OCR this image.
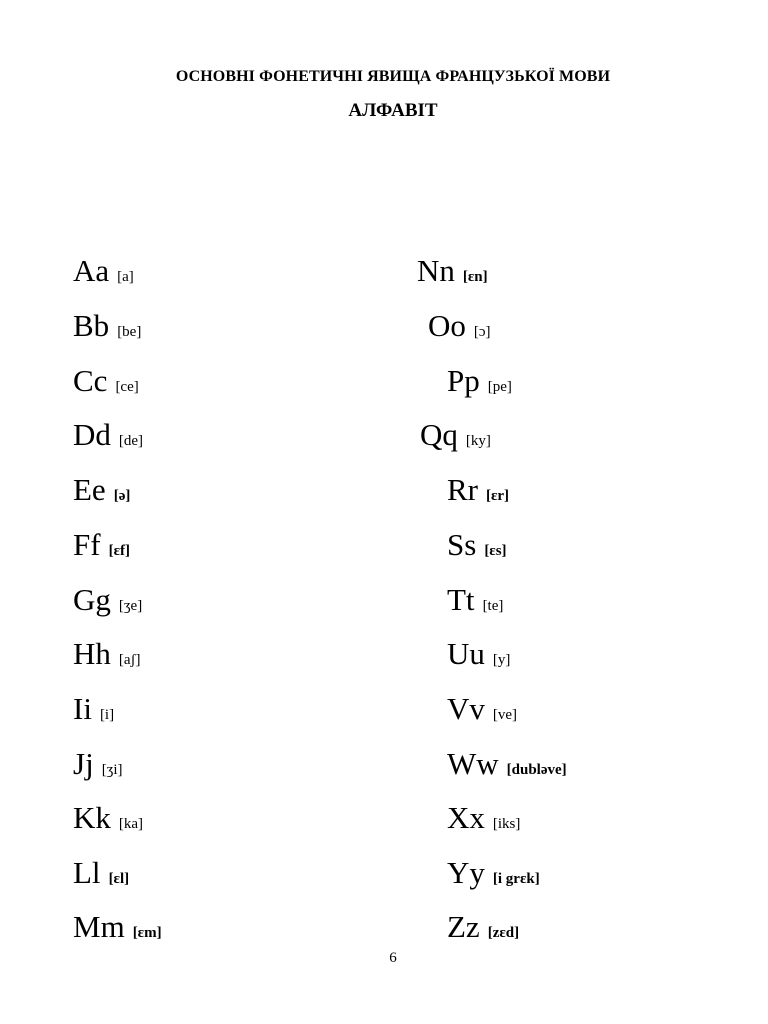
ОСНОВНІ ФОНЕТИЧНІ ЯВИЩА ФРАНЦУЗЬКОЇ МОВИ
АЛФАВІТ
Aa [a]
Bb [be]
Cc [ce]
Dd [de]
Ee [ə]
Ff [ɛf]
Gg [ʒe]
Hh [aʃ]
Ii [i]
Jj [ʒi]
Kk [ka]
Ll [ɛl]
Mm [ɛm]
Nn [ɛn]
Oo [ɔ]
Pp [pe]
Qq [ky]
Rr [ɛr]
Ss [ɛs]
Tt [te]
Uu [y]
Vv [ve]
Ww [dubləve]
Xx [iks]
Yy [i grɛk]
Zz [zɛd]
6
